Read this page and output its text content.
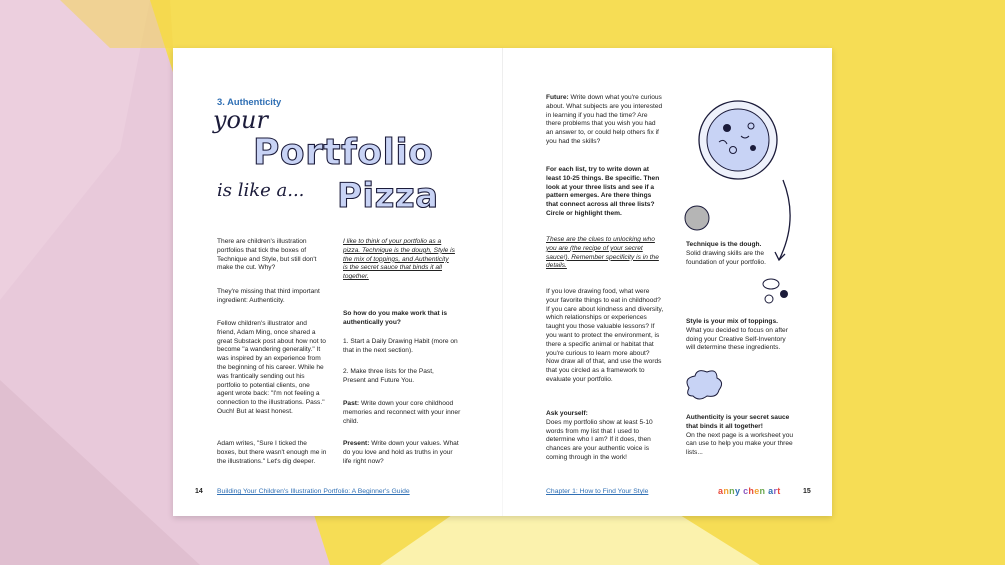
3. Authenticity
your
Portfolio
is like a... Pizza

There are children's illustration portfolios that tick the boxes of Technique and Style, but still don't make the cut. Why?

They're missing that third important ingredient: Authenticity.

Fellow children's illustrator and friend, Adam Ming, once shared a great Substack post about how not to become "a wandering generality." It was inspired by an experience from the beginning of his career. While he was frantically sending out his portfolio to potential clients, one agent wrote back: "I'm not feeling a connection to the illustrations. Pass." Ouch! But at least honest.

Adam writes, "Sure I ticked the boxes, but there wasn't enough me in the illustrations." Let's dig deeper.

I like to think of your portfolio as a pizza. Technique is the dough, Style is the mix of toppings, and Authenticity is the secret sauce that binds it all together.

So how do you make work that is authentically you?

1. Start a Daily Drawing Habit (more on that in the next section).
2. Make three lists for the Past, Present and Future You.

Past: Write down your core childhood memories and reconnect with your inner child.

Present: Write down your values. What do you love and hold as truths in your life right now?

14 Building Your Children's Illustration Portfolio: A Beginner's Guide

Future: Write down what you're curious about. What subjects are you interested in learning if you had the time? Are there problems that you wish you had an answer to, or could help others fix if you had the skills?

For each list, try to write down at least 10-25 things. Be specific. Then look at your three lists and see if a pattern emerges. Are there things that connect across all three lists? Circle or highlight them.

These are the clues to unlocking who you are (the recipe of your secret sauce!). Remember specificity is in the details.

If you love drawing food, what were your favorite things to eat in childhood? If you care about kindness and diversity, which relationships or experiences taught you those valuable lessons? If you want to protect the environment, is there a specific animal or habitat that you're curious to learn more about? Now draw all of that, and use the words that you circled as a framework to evaluate your portfolio.

Ask yourself:
Does my portfolio show at least 5-10 words from my list that I used to determine who I am? If it does, then chances are your authentic voice is coming through in the work!

Technique is the dough.
Solid drawing skills are the foundation of your portfolio.

Style is your mix of toppings.
What you decided to focus on after doing your Creative Self-Inventory will determine these ingredients.

Authenticity is your secret sauce that binds it all together!
On the next page is a worksheet you can use to help you make your three lists...

Chapter 1: How to Find Your Style	anny chen art	15
